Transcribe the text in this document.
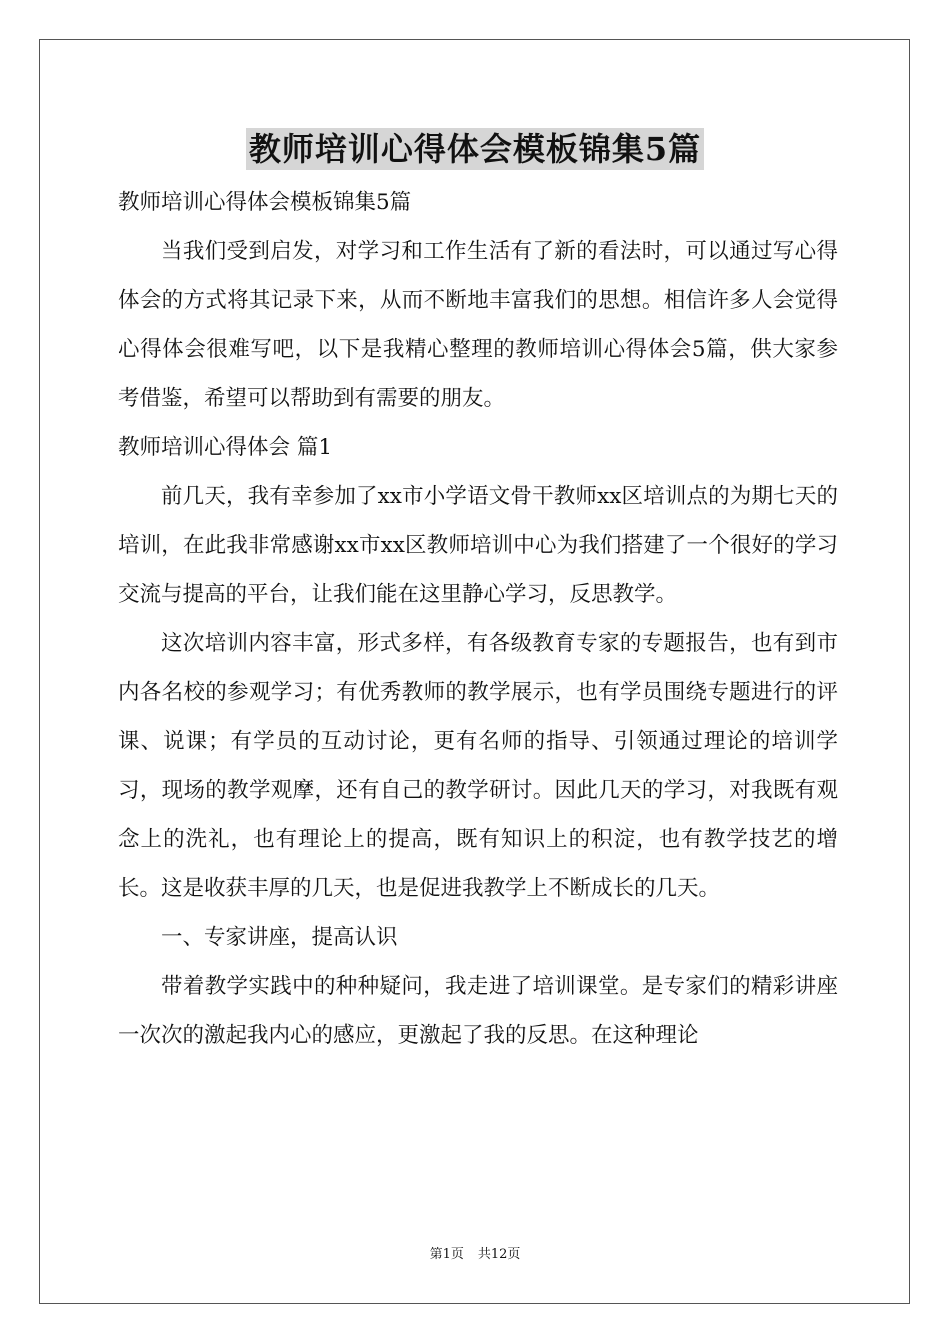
教师培训心得体会模板锦集5篇

教师培训心得体会模板锦集5篇

当我们受到启发，对学习和工作生活有了新的看法时，可以通过写心得体会的方式将其记录下来，从而不断地丰富我们的思想。相信许多人会觉得心得体会很难写吧，以下是我精心整理的教师培训心得体会5篇，供大家参考借鉴，希望可以帮助到有需要的朋友。

教师培训心得体会 篇1

前几天，我有幸参加了xx市小学语文骨干教师xx区培训点的为期七天的培训，在此我非常感谢xx市xx区教师培训中心为我们搭建了一个很好的学习交流与提高的平台，让我们能在这里静心学习，反思教学。

这次培训内容丰富，形式多样，有各级教育专家的专题报告，也有到市内各名校的参观学习；有优秀教师的教学展示，也有学员围绕专题进行的评课、说课；有学员的互动讨论，更有名师的指导、引领通过理论的培训学习，现场的教学观摩，还有自己的教学研讨。因此几天的学习，对我既有观念上的洗礼，也有理论上的提高，既有知识上的积淀，也有教学技艺的增长。这是收获丰厚的几天，也是促进我教学上不断成长的几天。

一、专家讲座，提高认识

带着教学实践中的种种疑问，我走进了培训课堂。是专家们的精彩讲座一次次的激起我内心的感应，更激起了我的反思。在这种理论

第1页 共12页
